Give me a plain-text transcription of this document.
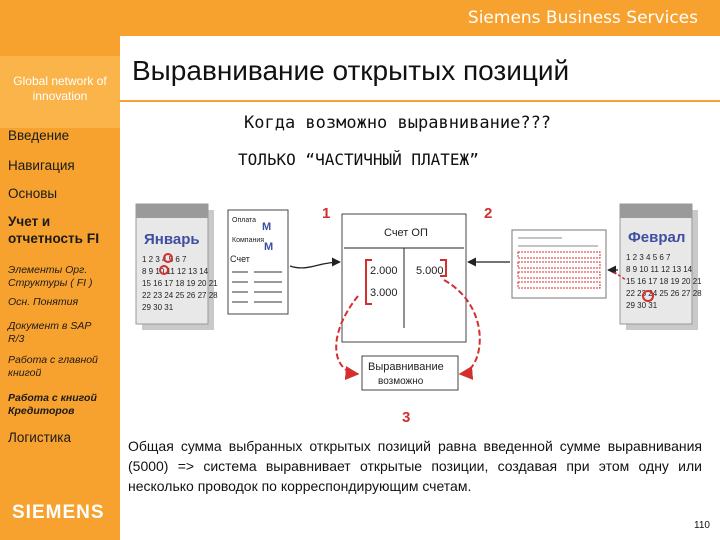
Siemens Business Services
Global network of innovation
Введение
Навигация
Основы
Учет и отчетность FI
Элементы Орг. Структуры ( FI )
Осн. Понятия
Документ в SAP R/3
Работа с главной книгой
Работа с книгой Кредиторов
Логистика
SIEMENS
Выравнивание открытых позиций
Когда возможно выравнивание???
ТОЛЬКО “ЧАСТИЧНЫЙ ПЛАТЕЖ”
Январь
1 2 3 4 5 6 7
8 9 10 11 12 13 14
15 16 17 18 19 20 21
22 23 24 25 26 27 28
29 30 31
Оплата
M
Компания
M
Счет
Феврал
1 2 3 4 5 6 7
8 9 10 11 12 13 14
15 16 17 18 19 20 21
22 23 24 25 26 27 28
29 30 31
Счет ОП
2.000
3.000
5.000
Выравнивание
возможно
1	2
3
Общая сумма выбранных открытых позиций равна введенной сумме выравнивания (5000) => система выравнивает открытые позиции, создавая при этом одну или несколько проводок по корреспондирующим счетам.
110
